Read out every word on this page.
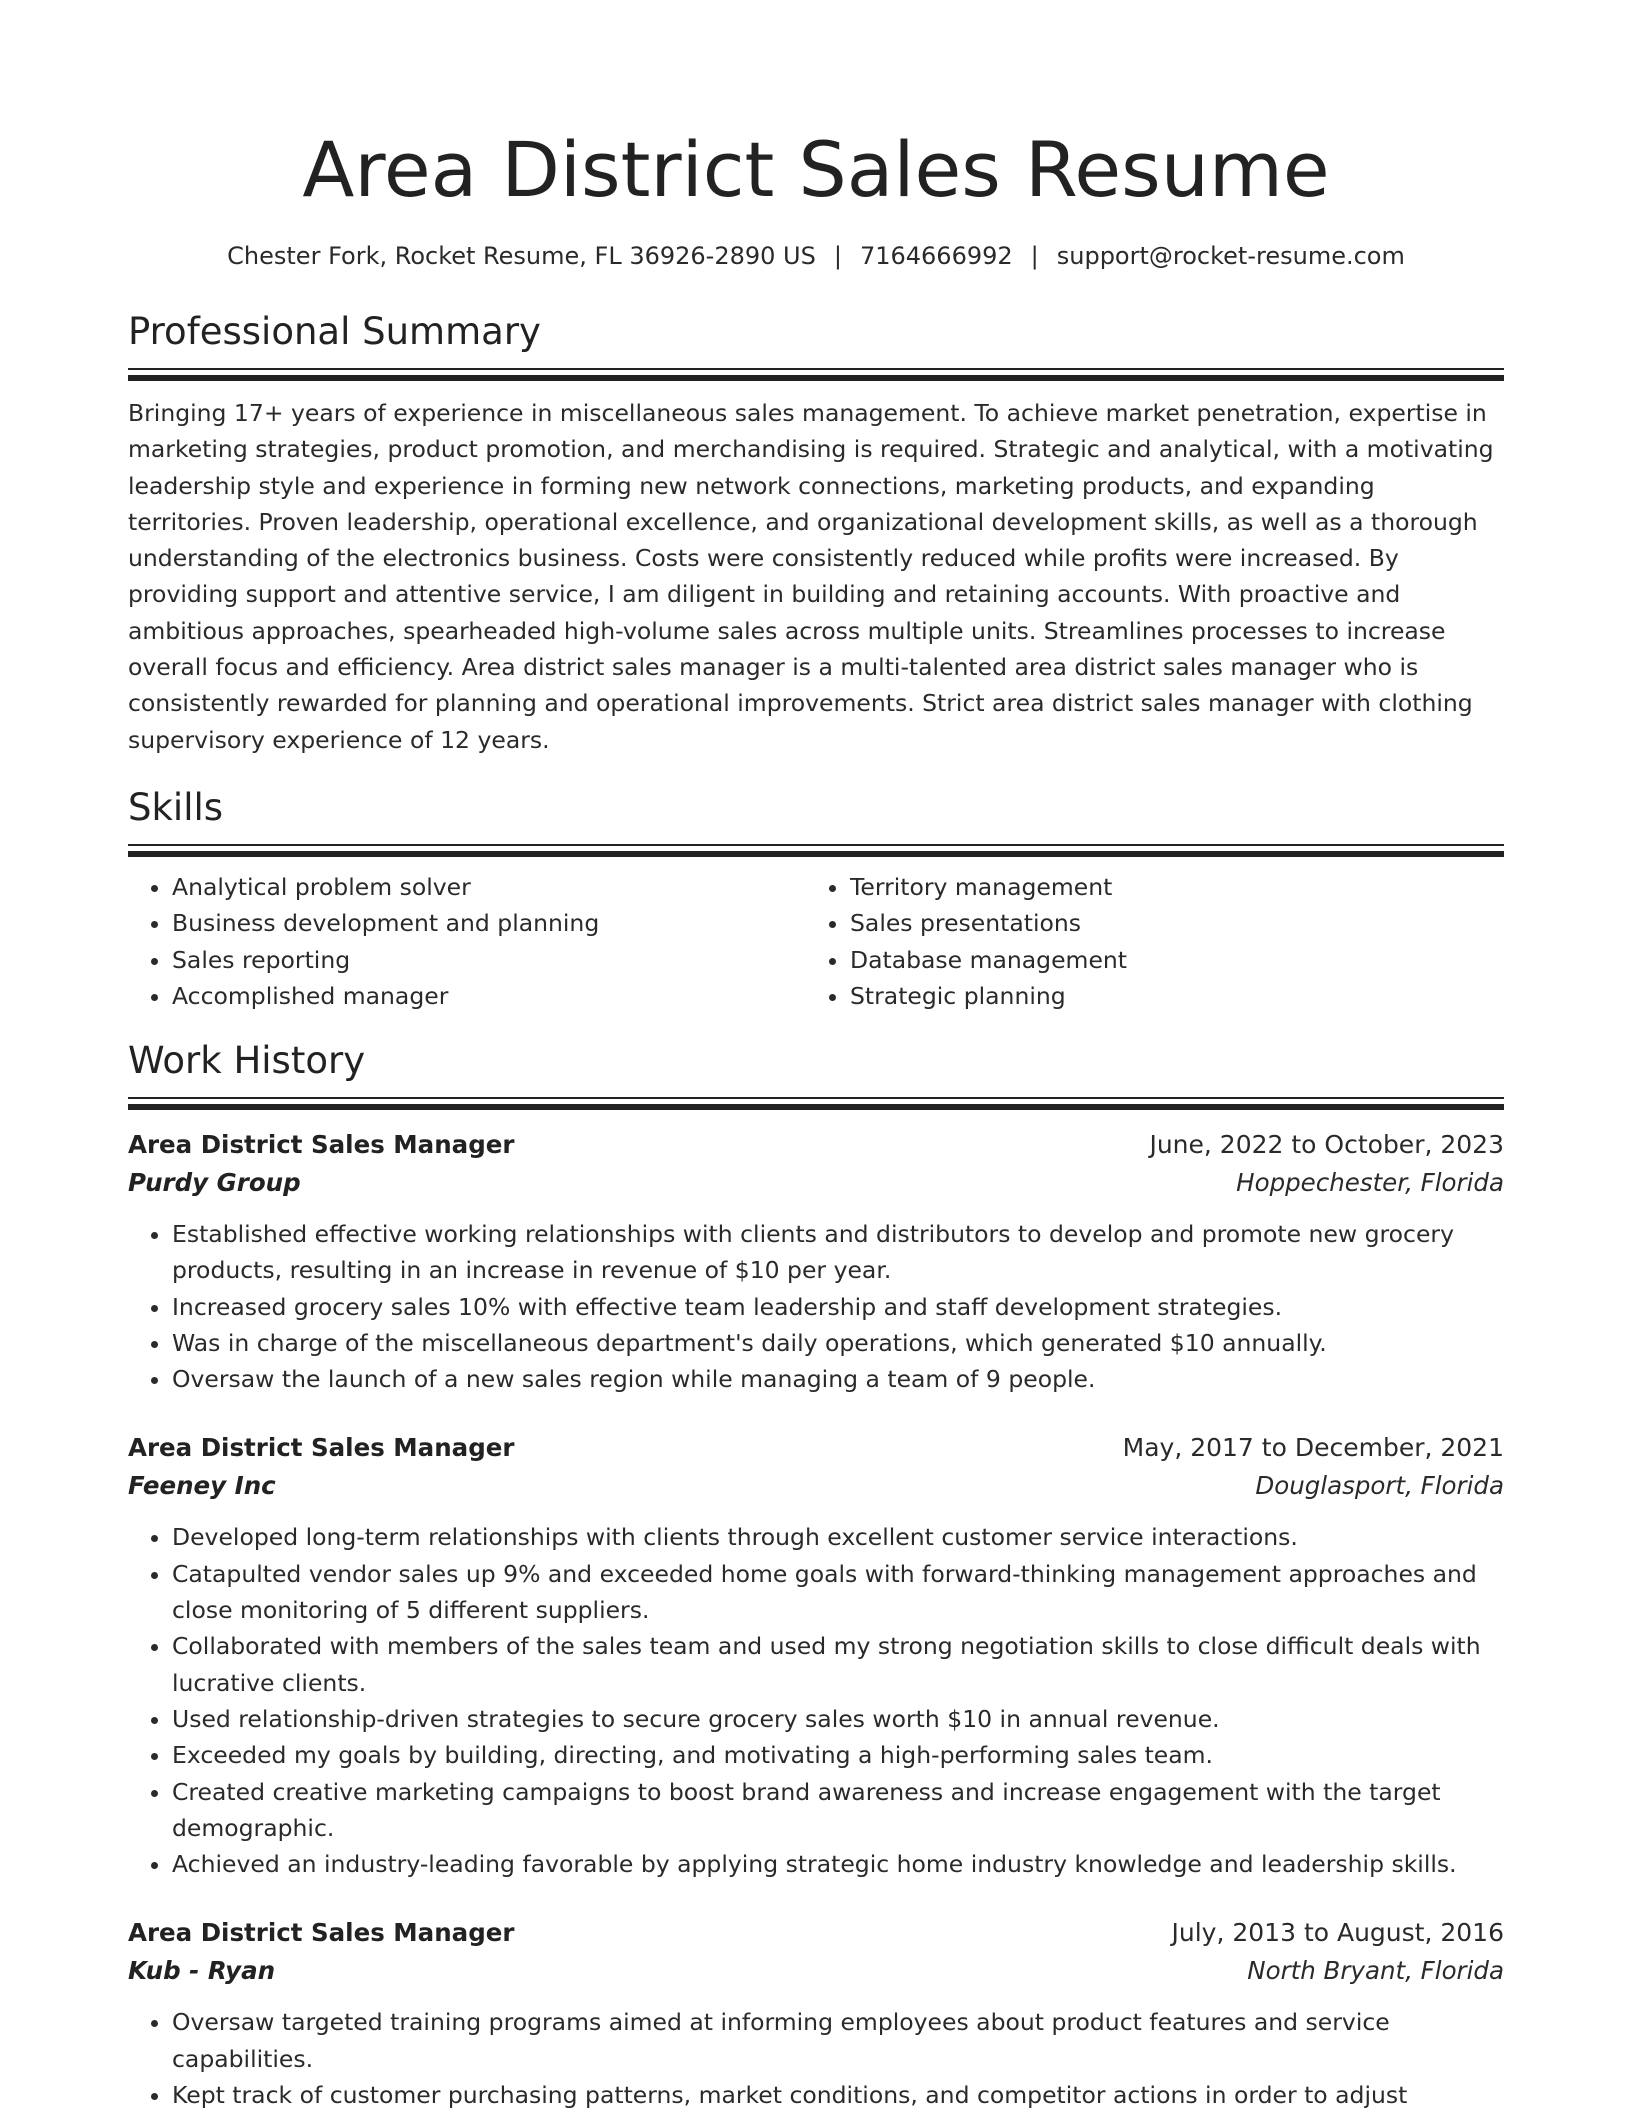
Area District Sales Resume
Chester Fork, Rocket Resume, FL 36926-2890 US | 7164666992 | support@rocket-resume.com
Professional Summary

Bringing 17+ years of experience in miscellaneous sales management. To achieve market penetration, expertise in marketing strategies, product promotion, and merchandising is required. Strategic and analytical, with a motivating leadership style and experience in forming new network connections, marketing products, and expanding territories. Proven leadership, operational excellence, and organizational development skills, as well as a thorough understanding of the electronics business. Costs were consistently reduced while profits were increased. By providing support and attentive service, I am diligent in building and retaining accounts. With proactive and ambitious approaches, spearheaded high-volume sales across multiple units. Streamlines processes to increase overall focus and efficiency. Area district sales manager is a multi-talented area district sales manager who is consistently rewarded for planning and operational improvements. Strict area district sales manager with clothing supervisory experience of 12 years.

Skills
• Analytical problem solver
• Business development and planning
• Sales reporting
• Accomplished manager
• Territory management
• Sales presentations
• Database management
• Strategic planning
Work History
Area District Sales Manager	June, 2022 to October, 2023
Purdy Group	Hoppechester, Florida
• Established effective working relationships with clients and distributors to develop and promote new grocery products, resulting in an increase in revenue of $10 per year.
• Increased grocery sales 10% with effective team leadership and staff development strategies.
• Was in charge of the miscellaneous department's daily operations, which generated $10 annually.
• Oversaw the launch of a new sales region while managing a team of 9 people.
Area District Sales Manager	May, 2017 to December, 2021
Feeney Inc	Douglasport, Florida
• Developed long-term relationships with clients through excellent customer service interactions.
• Catapulted vendor sales up 9% and exceeded home goals with forward-thinking management approaches and close monitoring of 5 different suppliers.
• Collaborated with members of the sales team and used my strong negotiation skills to close difficult deals with lucrative clients.
• Used relationship-driven strategies to secure grocery sales worth $10 in annual revenue.
• Exceeded my goals by building, directing, and motivating a high-performing sales team.
• Created creative marketing campaigns to boost brand awareness and increase engagement with the target demographic.
• Achieved an industry-leading favorable by applying strategic home industry knowledge and leadership skills.
Area District Sales Manager	July, 2013 to August, 2016
Kub - Ryan	North Bryant, Florida
• Oversaw targeted training programs aimed at informing employees about product features and service capabilities.
• Kept track of customer purchasing patterns, market conditions, and competitor actions in order to adjust
